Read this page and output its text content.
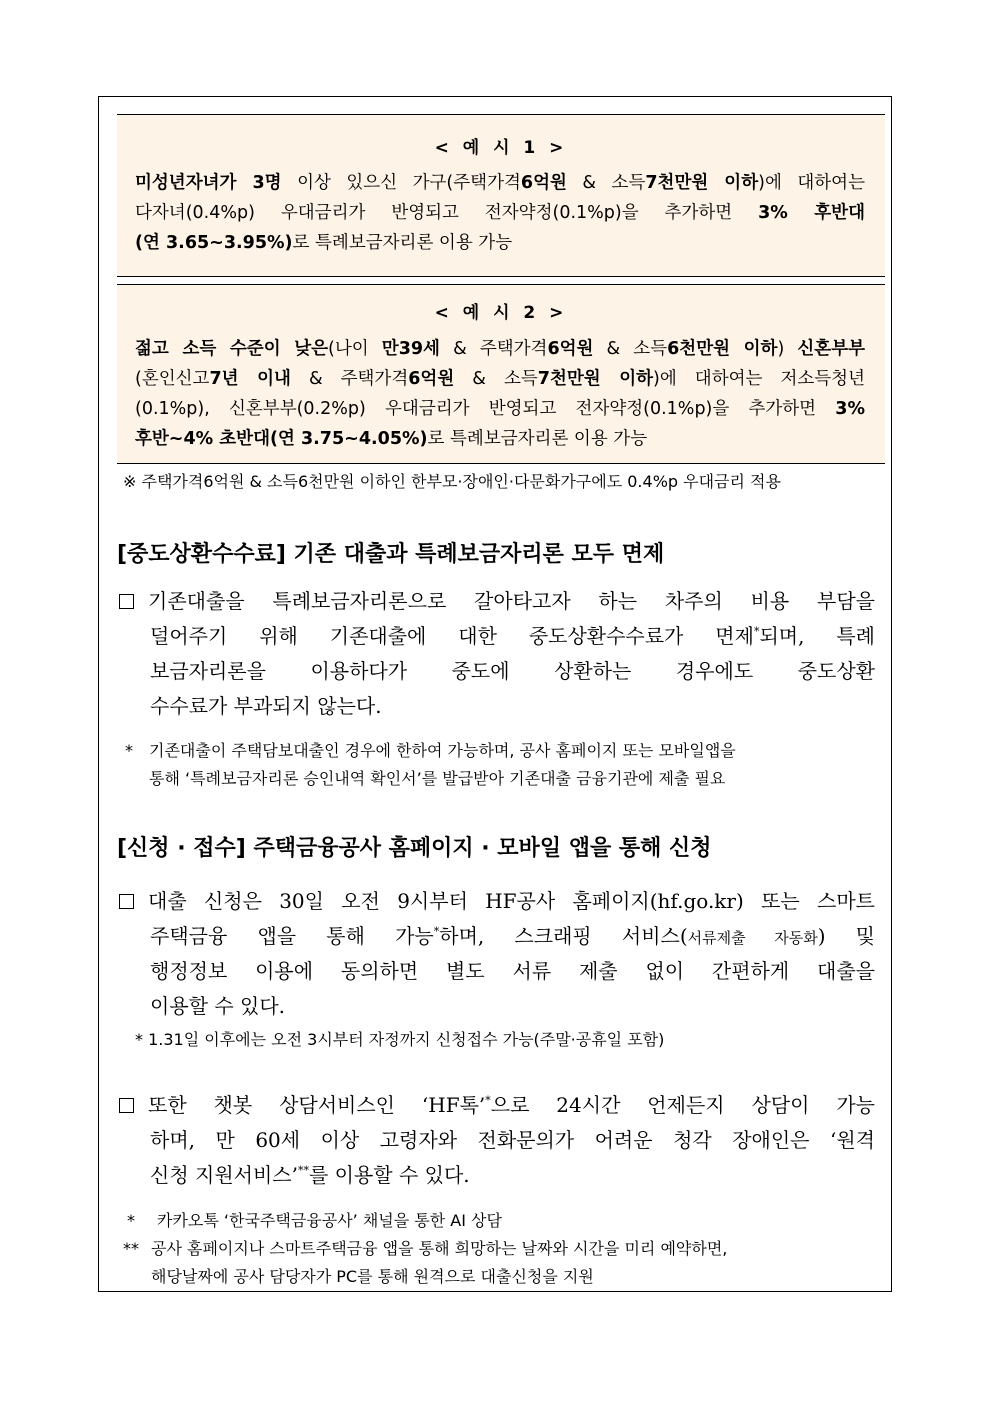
< 예 시 1 >
미성년자녀가 3명 이상 있으신 가구(주택가격6억원 & 소득7천만원 이하)에 대하여는
다자녀(0.4%p) 우대금리가 반영되고 전자약정(0.1%p)을 추가하면 3% 후반대
(연 3.65~3.95%)로 특례보금자리론 이용 가능
< 예 시 2 >
젊고 소득 수준이 낮은(나이 만39세 & 주택가격6억원 & 소득6천만원 이하) 신혼부부
(혼인신고7년 이내 & 주택가격6억원 & 소득7천만원 이하)에 대하여는 저소득청년
(0.1%p), 신혼부부(0.2%p) 우대금리가 반영되고 전자약정(0.1%p)을 추가하면 3%
후반~4% 초반대(연 3.75~4.05%)로 특례보금자리론 이용 가능
※ 주택가격6억원 & 소득6천만원 이하인 한부모·장애인·다문화가구에도 0.4%p 우대금리 적용
[중도상환수수료] 기존 대출과 특례보금자리론 모두 면제
기존대출을 특례보금자리론으로 갈아타고자 하는 차주의 비용 부담을
덜어주기 위해 기존대출에 대한 중도상환수수료가 면제*되며, 특례
보금자리론을 이용하다가 중도에 상환하는 경우에도 중도상환
수수료가 부과되지 않는다.
* 기존대출이 주택담보대출인 경우에 한하여 가능하며, 공사 홈페이지 또는 모바일앱을
통해 ‘특례보금자리론 승인내역 확인서’를 발급받아 기존대출 금융기관에 제출 필요
[신청 · 접수] 주택금융공사 홈페이지 · 모바일 앱을 통해 신청
대출 신청은 30일 오전 9시부터 HF공사 홈페이지(hf.go.kr) 또는 스마트
주택금융 앱을 통해 가능*하며, 스크래핑 서비스(서류제출 자동화) 및
행정정보 이용에 동의하면 별도 서류 제출 없이 간편하게 대출을
이용할 수 있다.
* 1.31일 이후에는 오전 3시부터 자정까지 신청접수 가능(주말·공휴일 포함)
또한 챗봇 상담서비스인 ‘HF톡’*으로 24시간 언제든지 상담이 가능
하며, 만 60세 이상 고령자와 전화문의가 어려운 청각 장애인은 ‘원격
신청 지원서비스’**를 이용할 수 있다.
* 카카오톡 ‘한국주택금융공사’ 채널을 통한 AI 상담
** 공사 홈페이지나 스마트주택금융 앱을 통해 희망하는 날짜와 시간을 미리 예약하면,
해당날짜에 공사 담당자가 PC를 통해 원격으로 대출신청을 지원
